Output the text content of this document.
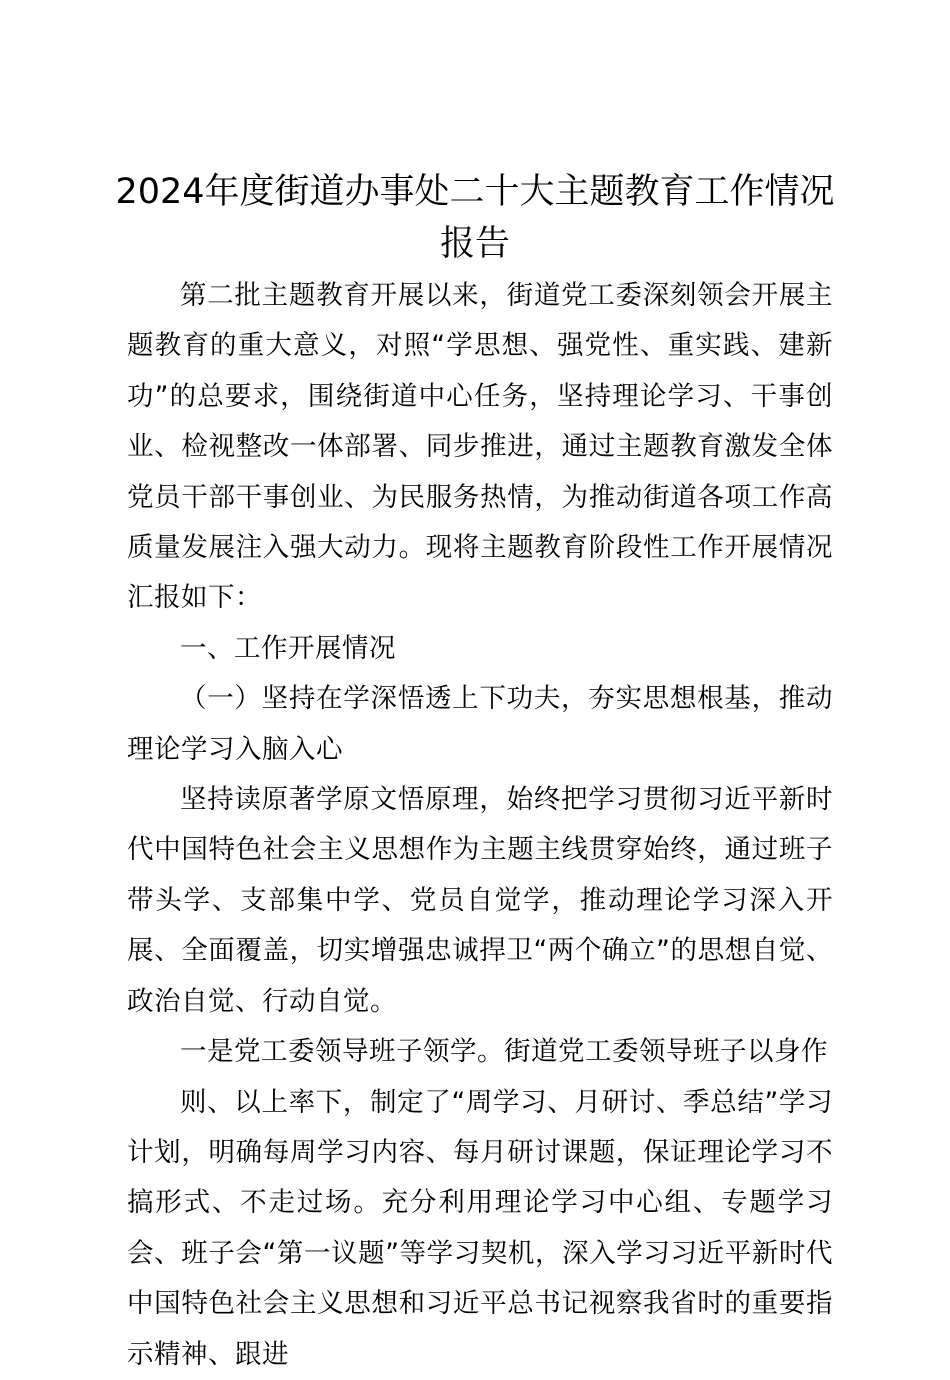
2024年度街道办事处二十大主题教育工作情况报告

第二批主题教育开展以来，街道党工委深刻领会开展主题教育的重大意义，对照“学思想、强党性、重实践、建新功”的总要求，围绕街道中心任务，坚持理论学习、干事创业、检视整改一体部署、同步推进，通过主题教育激发全体党员干部干事创业、为民服务热情，为推动街道各项工作高质量发展注入强大动力。现将主题教育阶段性工作开展情况汇报如下：

一、工作开展情况

（一）坚持在学深悟透上下功夫，夯实思想根基，推动理论学习入脑入心

坚持读原著学原文悟原理，始终把学习贯彻习近平新时代中国特色社会主义思想作为主题主线贯穿始终，通过班子带头学、支部集中学、党员自觉学，推动理论学习深入开展、全面覆盖，切实增强忠诚捍卫“两个确立”的思想自觉、政治自觉、行动自觉。

一是党工委领导班子领学。街道党工委领导班子以身作

则、以上率下，制定了“周学习、月研讨、季总结”学习计划，明确每周学习内容、每月研讨课题，保证理论学习不搞形式、不走过场。充分利用理论学习中心组、专题学习会、班子会“第一议题”等学习契机，深入学习习近平新时代中国特色社会主义思想和习近平总书记视察我省时的重要指示精神、跟进
